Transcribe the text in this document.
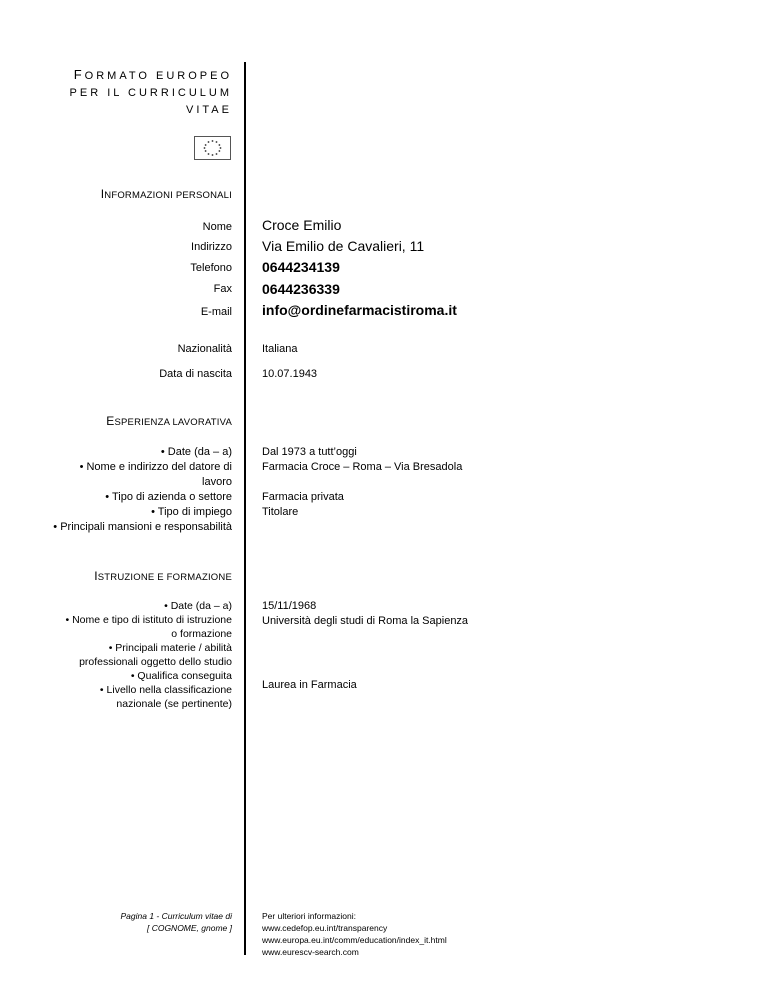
FORMATO EUROPEO
PER IL CURRICULUM
VITAE
INFORMAZIONI PERSONALI
Nome Croce Emilio
Indirizzo Via Emilio de Cavalieri, 11
Telefono 0644234139
Fax 0644236339
E-mail info@ordinefarmacistiroma.it
Nazionalità	Italiana
Data di nascita	10.07.1943
ESPERIENZA LAVORATIVA
• Date (da – a)
• Nome e indirizzo del datore di
lavoro
• Tipo di azienda o settore
• Tipo di impiego
• Principali mansioni e responsabilità
Dal 1973 a tutt’oggi
Farmacia Croce – Roma – Via Bresadola
Farmacia privata
Titolare
ISTRUZIONE E FORMAZIONE
• Date (da – a)
• Nome e tipo di istituto di istruzione
o formazione
• Principali materie / abilità
professionali oggetto dello studio
• Qualifica conseguita
• Livello nella classificazione
nazionale (se pertinente)
15/11/1968
Università degli studi di Roma la Sapienza
Laurea in Farmacia
Pagina 1 - Curriculum vitae di
[ COGNOME, gnome ]
Per ulteriori informazioni:
www.cedefop.eu.int/transparency
www.europa.eu.int/comm/education/index_it.html
www.eurescv-search.com
